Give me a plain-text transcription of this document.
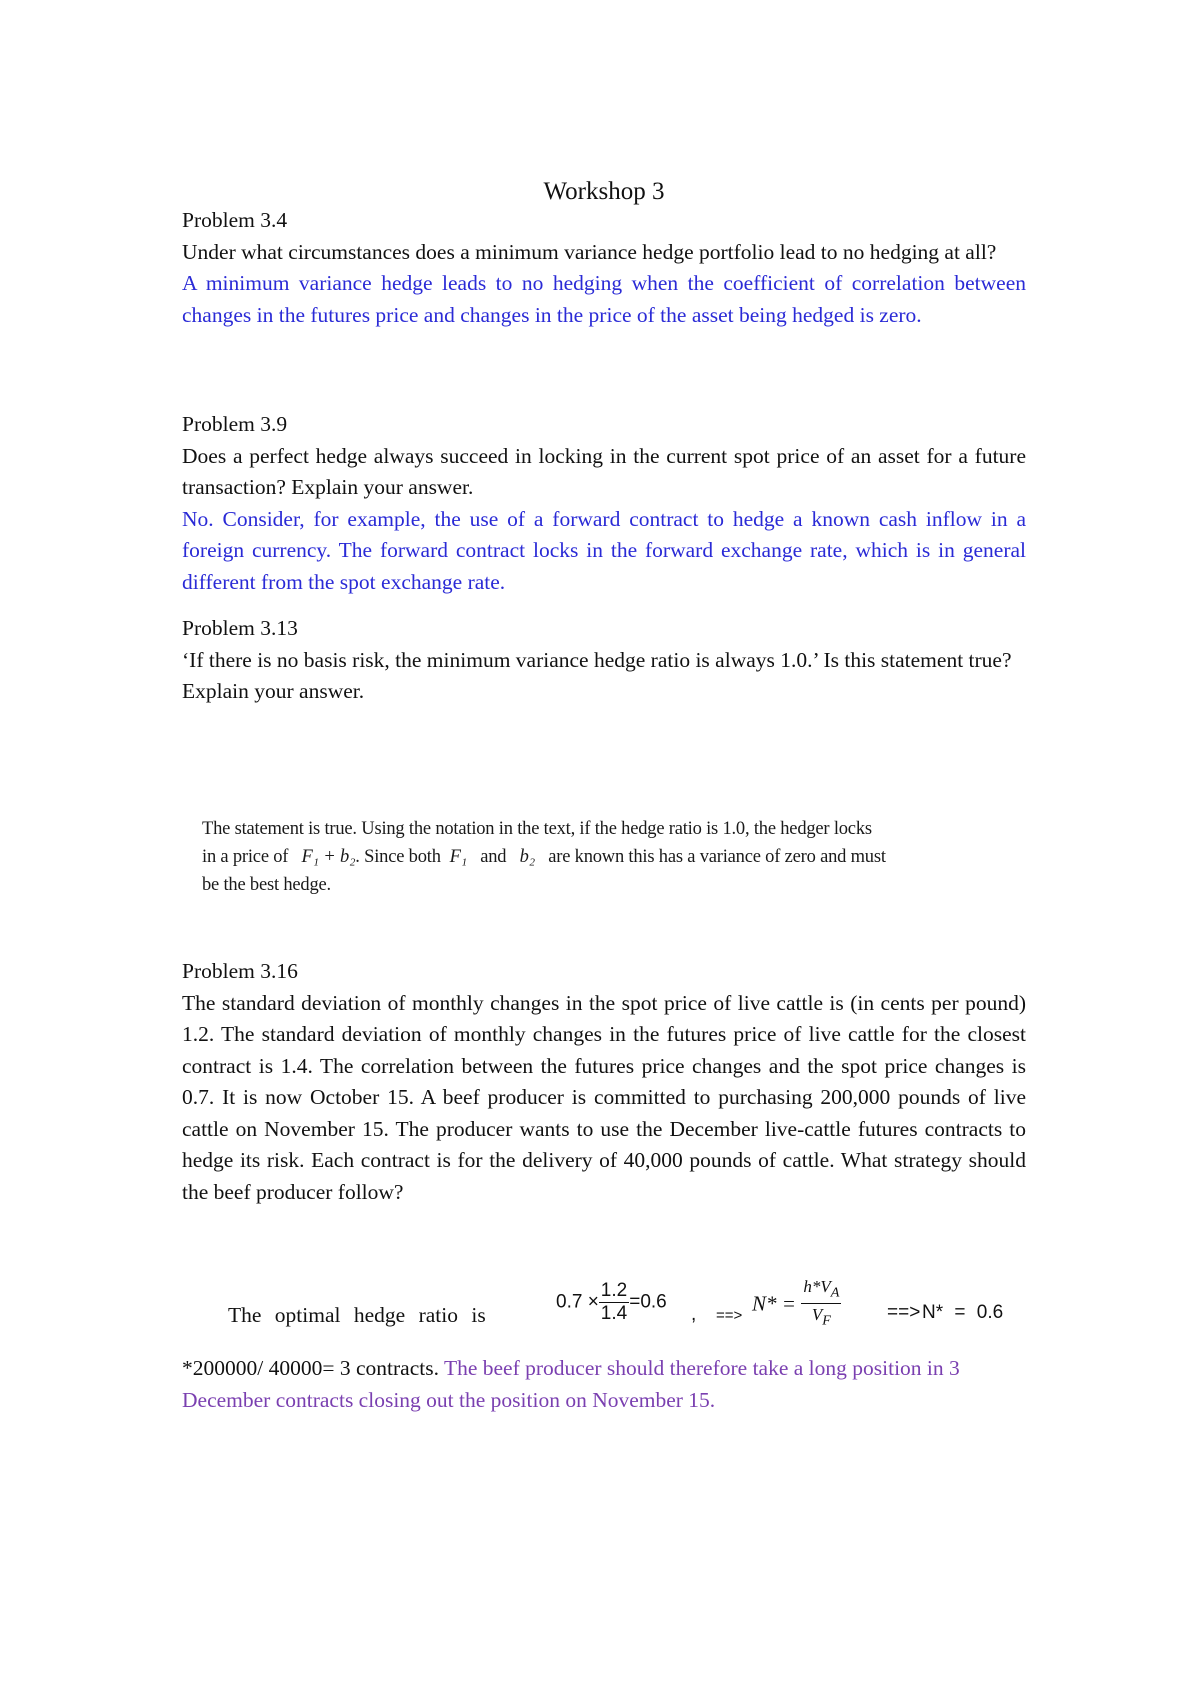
Workshop 3
Problem 3.4
Under what circumstances does a minimum variance hedge portfolio lead to no hedging at all?
A minimum variance hedge leads to no hedging when the coefficient of correlation between changes in the futures price and changes in the price of the asset being hedged is zero.
Problem 3.9
Does a perfect hedge always succeed in locking in the current spot price of an asset for a future transaction? Explain your answer.
No. Consider, for example, the use of a forward contract to hedge a known cash inflow in a foreign currency. The forward contract locks in the forward exchange rate, which is in general different from the spot exchange rate.
Problem 3.13
‘If there is no basis risk, the minimum variance hedge ratio is always 1.0.’ Is this statement true? Explain your answer.
The statement is true. Using the notation in the text, if the hedge ratio is 1.0, the hedger locks
in a price of F₁ + b₂. Since both F₁ and b₂ are known this has a variance of zero and must
be the best hedge.
Problem 3.16
The standard deviation of monthly changes in the spot price of live cattle is (in cents per pound) 1.2. The standard deviation of monthly changes in the futures price of live cattle for the closest contract is 1.4. The correlation between the futures price changes and the spot price changes is 0.7. It is now October 15. A beef producer is committed to purchasing 200,000 pounds of live cattle on November 15. The producer wants to use the December live-cattle futures contracts to hedge its risk. Each contract is for the delivery of 40,000 pounds of cattle. What strategy should the beef producer follow?
The optimal hedge ratio is
$0.7 \times \frac{1.2}{1.4} =0.6$
, ==>
$N* = \frac{h*V_A}{V_F}$ ==> N* = 0.6
*200000/ 40000= 3 contracts. The beef producer should therefore take a long position in 3 December contracts closing out the position on November 15.
